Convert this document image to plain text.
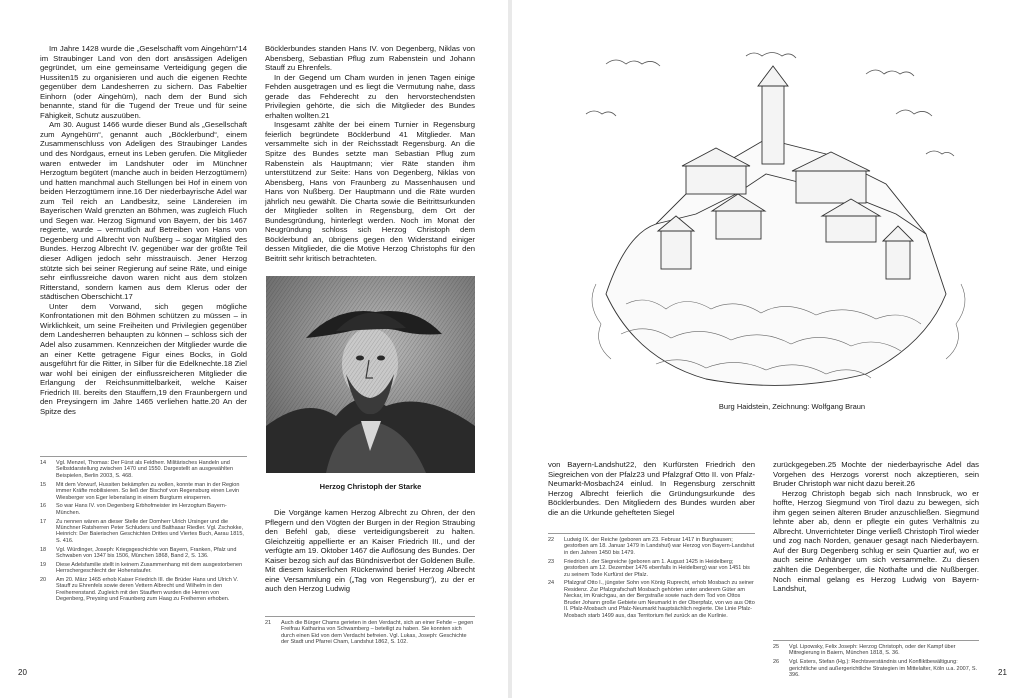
Im Jahre 1428 wurde die „Geselschafft vom Aingehürn“14 im Straubinger Land von den dort ansässigen Adeligen gegründet, um eine gemeinsame Verteidigung gegen die Hussiten15 zu organisieren und auch die eigenen Rechte gegenüber dem Landesherren zu sichern. Das Fabeltier Einhorn (oder Aingehürn), nach dem der Bund sich benannte, stand für die Tugend der Treue und für seine Fähigkeit, Schutz auszuüben.

Am 30. August 1466 wurde dieser Bund als „Gesellschaft zum Ayngehürn“, genannt auch „Böcklerbund“, einem Zusammenschluss von Adeligen des Straubinger Landes und des Nordgaus, erneut ins Leben gerufen. Die Mitglieder waren entweder im Landshuter oder im Münchner Herzogtum begütert (manche auch in beiden Herzogtümern) und hatten manchmal auch Stellungen bei Hof in einem von beiden Herzogtümern inne.16 Der niederbayrische Adel war zum Teil reich an Landbesitz, seine Ländereien im Bayerischen Wald grenzten an Böhmen, was zugleich Fluch und Segen war. Herzog Sigmund von Bayern, der bis 1467 regierte, wurde – vermutlich auf Betreiben von Hans von Degenberg und Albrecht von Nußberg – sogar Mitglied des Bundes. Herzog Albrecht IV. gegenüber war der größte Teil dieser Adligen jedoch sehr misstrauisch. Jener Herzog stützte sich bei seiner Regierung auf seine Räte, und einige sehr einflussreiche davon waren nicht aus dem stolzen Ritterstand, sondern kamen aus dem Klerus oder der städtischen Oberschicht.17

Unter dem Vorwand, sich gegen mögliche Konfrontationen mit den Böhmen schützen zu müssen – in Wirklichkeit, um seine Freiheiten und Privilegien gegenüber dem Landesherren behaupten zu können – schloss sich der Adel also zusammen. Kennzeichen der Mitglieder wurde die an einer Kette getragene Figur eines Bocks, in Gold ausgeführt für die Ritter, in Silber für die Edelknechte.18 Ziel war wohl bei einigen der einflussreicheren Mitglieder die Erlangung der Reichsunmittelbarkeit, welche Kaiser Friedrich III. bereits den Stauffern,19 den Fraunbergern und den Preysingern im Jahre 1465 verliehen hatte.20 An der Spitze des

Böcklerbundes standen Hans IV. von Degenberg, Niklas von Abensberg, Sebastian Pflug zum Rabenstein und Johann Stauff zu Ehrenfels.

In der Gegend um Cham wurden in jenen Tagen einige Fehden ausgetragen und es liegt die Vermutung nahe, dass gerade das Fehderecht zu den hervorstechendsten Privilegien gehörte, die sich die Mitglieder des Bundes erhalten wollten.21

Insgesamt zählte der bei einem Turnier in Regensburg feierlich begründete Böcklerbund 41 Mitglieder. Man versammelte sich in der Reichsstadt Regensburg. An die Spitze des Bundes setzte man Sebastian Pflug zum Rabenstein als Hauptmann; vier Räte standen ihm unterstützend zur Seite: Hans von Degenberg, Niklas von Abensberg, Hans von Fraunberg zu Massenhausen und Hans von Nußberg. Der Hauptmann und die Räte wurden jährlich neu gewählt. Die Charta sowie die Beitrittsurkunden der Mitglieder sollten in Regensburg, dem Ort der Bundesgründung, hinterlegt werden. Noch im Monat der Neugründung schloss sich Herzog Christoph dem Böcklerbund an, übrigens gegen den Widerstand einiger dessen Mitglieder, die die Motive Herzog Christophs für den Beitritt sehr kritisch betrachteten.

Herzog Christoph der Starke

Die Vorgänge kamen Herzog Albrecht zu Ohren, der den Pflegern und den Vögten der Burgen in der Region Straubing den Befehl gab, diese verteidigungsbereit zu halten. Gleichzeitig appellierte er an Kaiser Friedrich III., und der verfügte am 19. Oktober 1467 die Auflösung des Bundes. Der Kaiser bezog sich auf das Bündnisverbot der Goldenen Bulle. Mit diesem kaiserlichen Rückenwind berief Herzog Albrecht eine Versammlung ein („Tag von Regensburg“), zu der er auch den Herzog Ludwig

14	Vgl. Menzel, Thomas: Der Fürst als Feldherr. Militärisches Handeln und Selbstdarstellung zwischen 1470 und 1550. Dargestellt an ausgewählten Beispielen, Berlin 2003, S. 468.
15	Mit dem Vorwurf, Hussiten bekämpfen zu wollen, konnte man in der Region immer Kräfte mobilisieren. So ließ der Bischof von Regensburg einen Levin Wiesberger von Eger lebenslang in einem Burgturm einsperren.
16	So war Hans IV. von Degenberg Erbhofmeister im Herzogtum Bayern-München.
17	Zu nennen wären an dieser Stelle der Domherr Ulrich Ursinger und die Münchner Ratsherren Peter Schluders und Balthasar Riedler. Vgl. Zschokke, Heinrich: Der Baierischen Geschichten Drittes und Viertes Buch, Aarau 1815, S. 416.
18	Vgl. Würdinger, Joseph: Kriegsgeschichte von Bayern, Franken, Pfalz und Schwaben von 1347 bis 1506, München 1868, Band 2, S. 136.
19	Diese Adelsfamilie stellt in keinem Zusammenhang mit dem ausgestorbenen Herrschergeschlecht der Hohenstaufer.
20	Am 20. März 1465 erhob Kaiser Friedrich III. die Brüder Hans und Ulrich V. Stauff zu Ehrenfels sowie deren Vettern Albrecht und Wilhelm in den Freiherrenstand. Zugleich mit den Stauffern wurden die Herren von Degenberg, Preysing und Fraunberg zum Haag zu Freiherren erhoben.
21	Auch die Bürger Chams gerieten in den Verdacht, sich an einer Fehde – gegen Freifrau Katharina von Schwamberg – beteiligt zu haben. Sie konnten sich durch einen Eid von dem Verdacht befreien. Vgl. Lukas, Joseph: Geschichte der Stadt und Pfarrei Cham, Landshut 1862, S. 102.
20
Burg Haidstein, Zeichnung: Wolfgang Braun

von Bayern-Landshut22, den Kurfürsten Friedrich den Siegreichen von der Pfalz23 und Pfalzgraf Otto II. von Pfalz-Neumarkt-Mosbach24 einlud. In Regensburg zerschnitt Herzog Albrecht feierlich die Gründungsurkunde des Böcklerbundes. Den Mitgliedern des Bundes wurden aber die an die Urkunde gehefteten Siegel

zurückgegeben.25 Mochte der niederbayrische Adel das Vorgehen des Herzogs vorerst noch akzeptieren, sein Bruder Christoph war nicht dazu bereit.26

Herzog Christoph begab sich nach Innsbruck, wo er hoffte, Herzog Siegmund von Tirol dazu zu bewegen, sich ihm gegen seinen älteren Bruder anzuschließen. Siegmund lehnte aber ab, denn er pflegte ein gutes Verhältnis zu Albrecht. Unverrichteter Dinge verließ Christoph Tirol wieder und zog nach Norden, genauer gesagt nach Niederbayern. Auf der Burg Degenberg schlug er sein Quartier auf, wo er auch seine Anhänger um sich versammelte. Zu diesen zählten die Degenberger, die Nothafte und die Nußberger. Noch einmal gelang es Herzog Ludwig von Bayern-Landshut,

22	Ludwig IX. der Reiche (geboren am 23. Februar 1417 in Burghausen; gestorben am 18. Januar 1479 in Landshut) war Herzog von Bayern-Landshut in den Jahren 1450 bis 1479.
23	Friedrich I. der Siegreiche (geboren am 1. August 1425 in Heidelberg; gestorben am 12. Dezember 1476 ebenfalls in Heidelberg) war von 1451 bis zu seinem Tode Kurfürst der Pfalz.
24	Pfalzgraf Otto I., jüngster Sohn von König Ruprecht, erhob Mosbach zu seiner Residenz. Zur Pfalzgrafschaft Mosbach gehörten unter anderem Güter am Neckar, im Kraichgau, an der Bergstraße sowie nach dem Tod von Ottos Bruder Johann große Gebiete um Neumarkt in der Oberpfalz, von wo aus Otto II. Pfalz-Mosbach und Pfalz-Neumarkt hauptsächlich regierte. Die Linie Pfalz-Mosbach starb 1499 aus, das Territorium fiel zurück an die Kurlinie.
25	Vgl. Lipowsky, Felix Joseph: Herzog Christoph, oder der Kampf über Mitregierung in Baiern, München 1818, S. 36.
26	Vgl. Esters, Stefan (Hg.): Rechtsverständnis und Konfliktbewältigung: gerichtliche und außergerichtliche Strategien im Mittelalter, Köln u.a. 2007, S. 396.	21
